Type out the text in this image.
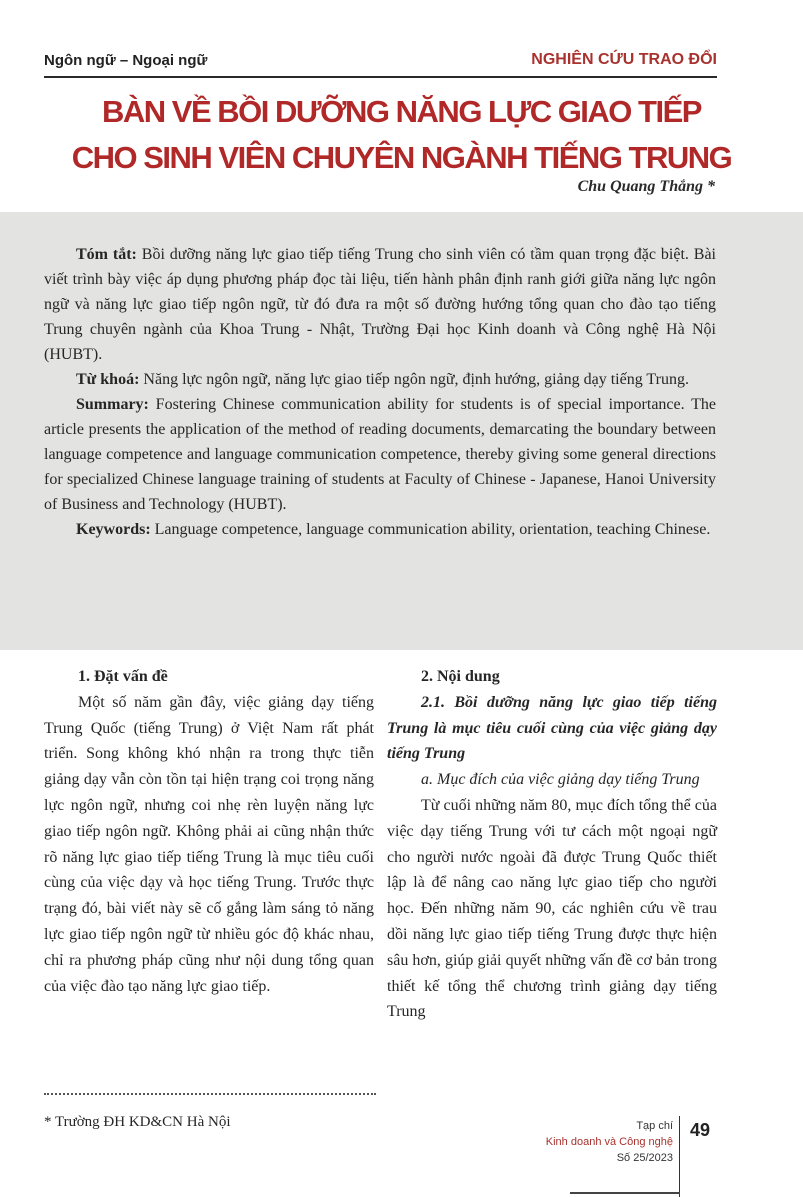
Ngôn ngữ – Ngoại ngữ	NGHIÊN CỨU TRAO ĐỔI
BÀN VỀ BỒI DƯỠNG NĂNG LỰC GIAO TIẾP
CHO SINH VIÊN CHUYÊN NGÀNH TIẾNG TRUNG
Chu Quang Thắng *

Tóm tắt: Bồi dưỡng năng lực giao tiếp tiếng Trung cho sinh viên có tầm quan trọng đặc biệt. Bài viết trình bày việc áp dụng phương pháp đọc tài liệu, tiến hành phân định ranh giới giữa năng lực ngôn ngữ và năng lực giao tiếp ngôn ngữ, từ đó đưa ra một số đường hướng tổng quan cho đào tạo tiếng Trung chuyên ngành của Khoa Trung - Nhật, Trường Đại học Kinh doanh và Công nghệ Hà Nội (HUBT).

Từ khoá: Năng lực ngôn ngữ, năng lực giao tiếp ngôn ngữ, định hướng, giảng dạy tiếng Trung.

Summary: Fostering Chinese communication ability for students is of special importance. The article presents the application of the method of reading documents, demarcating the boundary between language competence and language communication competence, thereby giving some general directions for specialized Chinese language training of students at Faculty of Chinese - Japanese, Hanoi University of Business and Technology (HUBT).

Keywords: Language competence, language communication ability, orientation, teaching Chinese.

1. Đặt vấn đề

Một số năm gần đây, việc giảng dạy tiếng Trung Quốc (tiếng Trung) ở Việt Nam rất phát triển. Song không khó nhận ra trong thực tiễn giảng dạy vẫn còn tồn tại hiện trạng coi trọng năng lực ngôn ngữ, nhưng coi nhẹ rèn luyện năng lực giao tiếp ngôn ngữ. Không phải ai cũng nhận thức rõ năng lực giao tiếp tiếng Trung là mục tiêu cuối cùng của việc dạy và học tiếng Trung. Trước thực trạng đó, bài viết này sẽ cố gắng làm sáng tỏ năng lực giao tiếp ngôn ngữ từ nhiều góc độ khác nhau, chỉ ra phương pháp cũng như nội dung tổng quan của việc đào tạo năng lực giao tiếp.

2. Nội dung

2.1. Bồi dưỡng năng lực giao tiếp tiếng Trung là mục tiêu cuối cùng của việc giảng dạy tiếng Trung

a. Mục đích của việc giảng dạy tiếng Trung

Từ cuối những năm 80, mục đích tổng thể của việc dạy tiếng Trung với tư cách một ngoại ngữ cho người nước ngoài đã được Trung Quốc thiết lập là để nâng cao năng lực giao tiếp cho người học. Đến những năm 90, các nghiên cứu về trau dồi năng lực giao tiếp tiếng Trung được thực hiện sâu hơn, giúp giải quyết những vấn đề cơ bản trong thiết kế tổng thể chương trình giảng dạy tiếng Trung

* Trường ĐH KD&CN Hà Nội	Tạp chí
Kinh doanh và Công nghệ
Số 25/2023
49
